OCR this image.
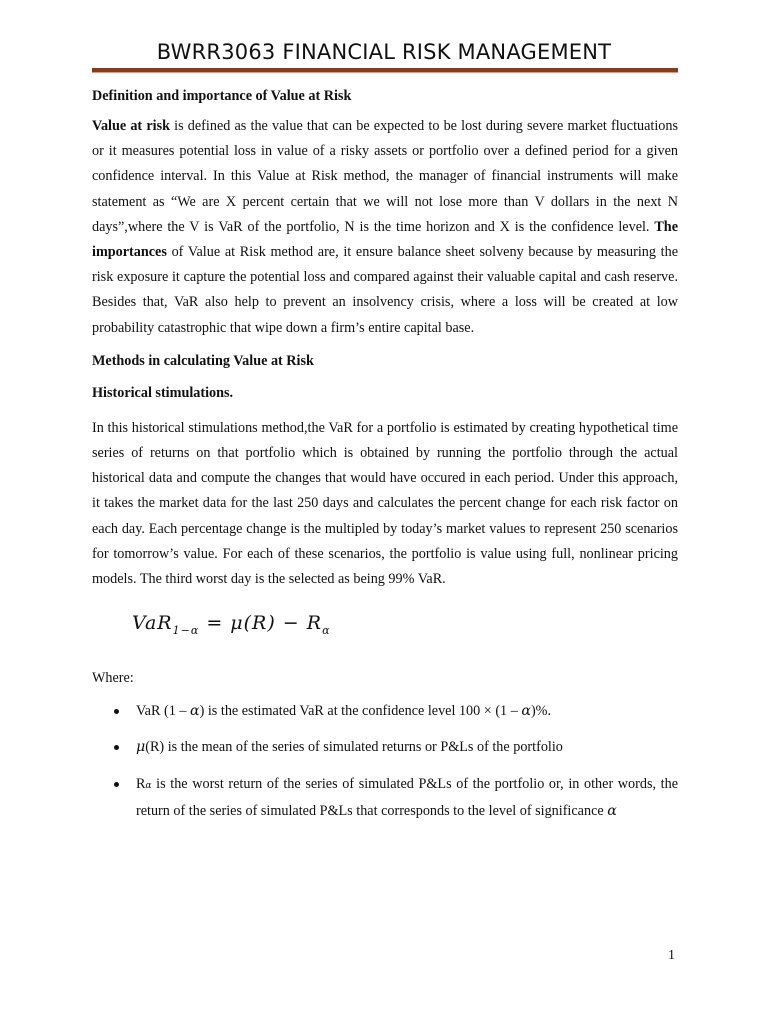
BWRR3063 FINANCIAL RISK MANAGEMENT

Definition and importance of Value at Risk

Value at risk is defined as the value that can be expected to be lost during severe market fluctuations or it measures potential loss in value of a risky assets or portfolio over a defined period for a given confidence interval. In this Value at Risk method, the manager of financial instruments will make statement as “We are X percent certain that we will not lose more than V dollars in the next N days”,where the V is VaR of the portfolio, N is the time horizon and X is the confidence level. The importances of Value at Risk method are, it ensure balance sheet solveny because by measuring the risk exposure it capture the potential loss and compared against their valuable capital and cash reserve. Besides that, VaR also help to prevent an insolvency crisis, where a loss will be created at low probability catastrophic that wipe down a firm’s entire capital base.

Methods in calculating Value at Risk

Historical stimulations.

In this historical stimulations method,the VaR for a portfolio is estimated by creating hypothetical time series of returns on that portfolio which is obtained by running the portfolio through the actual historical data and compute the changes that would have occured in each period. Under this approach, it takes the market data for the last 250 days and calculates the percent change for each risk factor on each day. Each percentage change is the multipled by today’s market values to represent 250 scenarios for tomorrow’s value. For each of these scenarios, the portfolio is value using full, nonlinear pricing models. The third worst day is the selected as being 99% VaR.

$VaR_{1-\alpha} = \mu(R) - R_\alpha$

Where:

VaR (1 – α) is the estimated VaR at the confidence level 100 × (1 – α)%.
μ(R) is the mean of the series of simulated returns or P&Ls of the portfolio
Rα is the worst return of the series of simulated P&Ls of the portfolio or, in other words, the return of the series of simulated P&Ls that corresponds to the level of significance α
1
